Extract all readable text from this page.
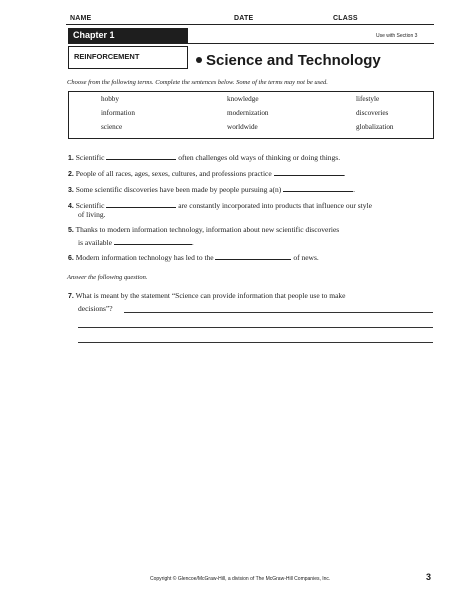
NAME	DATE	CLASS
Chapter 1	Use with Section 3
REINFORCEMENT	Science and Technology
Choose from the following terms. Complete the sentences below. Some of the terms may not be used.
hobby	knowledge	lifestyle
information	modernization	discoveries
science	worldwide	globalization
1. Scientific	often challenges old ways of thinking or doing things.
2. People of all races, ages, sexes, cultures, and professions practice	.
3. Some scientific discoveries have been made by people pursuing a(n)	.
4. Scientific	are constantly incorporated into products that influence our style
of living.
5. Thanks to modern information technology, information about new scientific discoveries
is available	.
6. Modern information technology has led to the	of news.
Answer the following question.
7. What is meant by the statement “Science can provide information that people use to make
decisions”?
Copyright © Glencoe/McGraw-Hill, a division of The McGraw-Hill Companies, Inc.	3
